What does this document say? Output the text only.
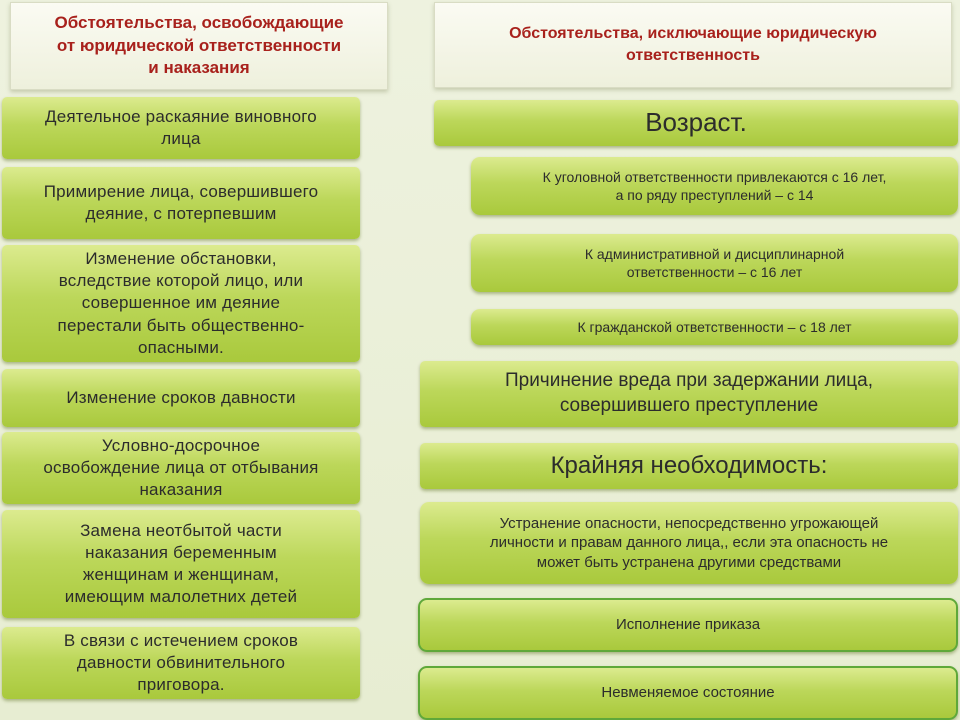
Обстоятельства, освобождающие
от юридической ответственности
и наказания
Деятельное раскаяние виновного
лица
Примирение лица, совершившего
деяние, с потерпевшим
Изменение обстановки,
вследствие которой лицо, или
совершенное им деяние
перестали быть общественно-
опасными.
Изменение сроков давности
Условно-досрочное
освобождение лица от отбывания
наказания
Замена неотбытой части
наказания беременным
женщинам и женщинам,
имеющим малолетних детей
В связи с истечением сроков
давности обвинительного
приговора.
Обстоятельства, исключающие юридическую
ответственность
Возраст.
К уголовной ответственности привлекаются с 16 лет,
а по ряду преступлений – с 14
К административной и дисциплинарной
ответственности – с 16 лет
К гражданской ответственности – с 18 лет
Причинение вреда при задержании лица,
совершившего преступление
Крайняя необходимость:
Устранение опасности, непосредственно угрожающей
личности и правам данного лица,, если эта опасность не
может быть устранена другими средствами
Исполнение приказа
Невменяемое состояние
